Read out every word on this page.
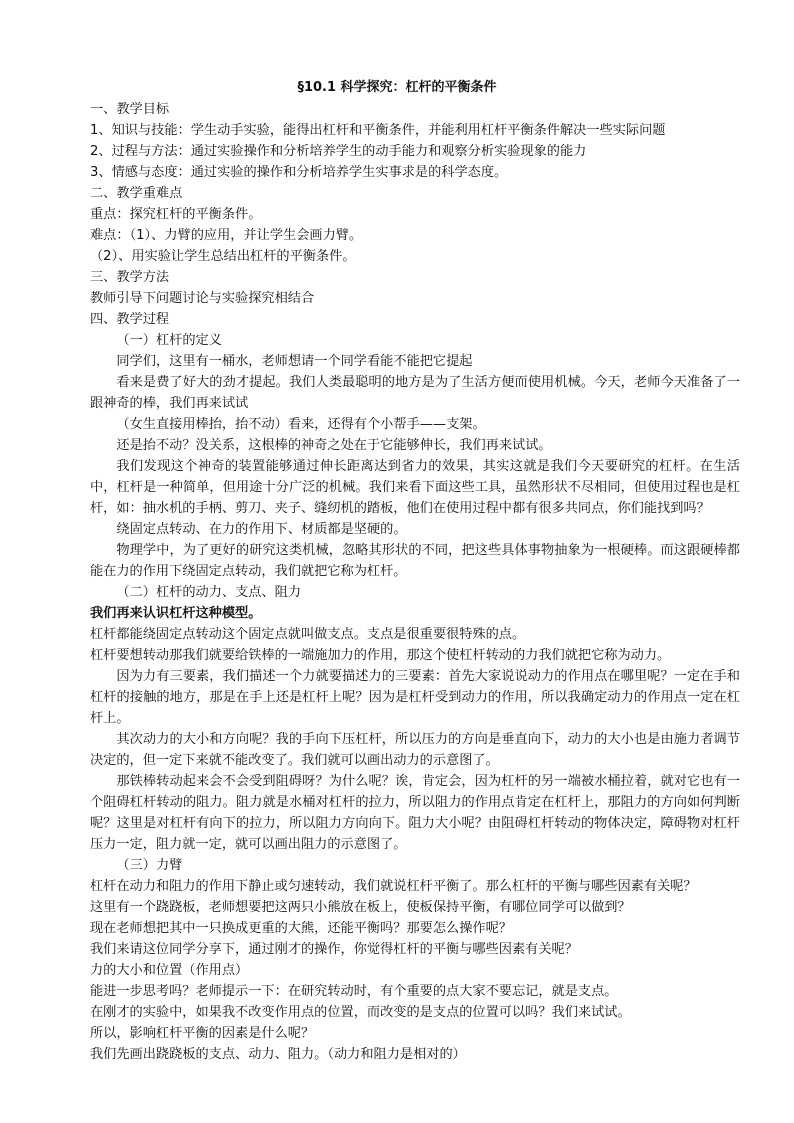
§10.1 科学探究：杠杆的平衡条件

一、教学目标

1、知识与技能：学生动手实验，能得出杠杆和平衡条件，并能利用杠杆平衡条件解决一些实际问题

2、过程与方法：通过实验操作和分析培养学生的动手能力和观察分析实验现象的能力

3、情感与态度：通过实验的操作和分析培养学生实事求是的科学态度。

二、教学重难点

重点：探究杠杆的平衡条件。

难点：（1）、力臂的应用，并让学生会画力臂。

（2）、用实验让学生总结出杠杆的平衡条件。

三、教学方法

教师引导下问题讨论与实验探究相结合

四、教学过程

（一）杠杆的定义

同学们，这里有一桶水，老师想请一个同学看能不能把它提起

看来是费了好大的劲才提起。我们人类最聪明的地方是为了生活方便而使用机械。今天，老师今天准备了一跟神奇的棒，我们再来试试

（女生直接用棒抬，抬不动）看来，还得有个小帮手——支架。

还是抬不动？没关系，这根棒的神奇之处在于它能够伸长，我们再来试试。

我们发现这个神奇的装置能够通过伸长距离达到省力的效果，其实这就是我们今天要研究的杠杆。在生活中，杠杆是一种简单，但用途十分广泛的机械。我们来看下面这些工具，虽然形状不尽相同，但使用过程也是杠杆，如：抽水机的手柄、剪刀、夹子、缝纫机的踏板，他们在使用过程中都有很多共同点，你们能找到吗？

绕固定点转动、在力的作用下、材质都是坚硬的。

物理学中，为了更好的研究这类机械，忽略其形状的不同，把这些具体事物抽象为一根硬棒。而这跟硬棒都能在力的作用下绕固定点转动，我们就把它称为杠杆。

（二）杠杆的动力、支点、阻力

我们再来认识杠杆这种模型。

杠杆都能绕固定点转动这个固定点就叫做支点。支点是很重要很特殊的点。

杠杆要想转动那我们就要给铁棒的一端施加力的作用，那这个使杠杆转动的力我们就把它称为动力。

因为力有三要素，我们描述一个力就要描述力的三要素：首先大家说说动力的作用点在哪里呢？一定在手和杠杆的接触的地方，那是在手上还是杠杆上呢？因为是杠杆受到动力的作用，所以我确定动力的作用点一定在杠杆上。

其次动力的大小和方向呢？我的手向下压杠杆，所以压力的方向是垂直向下，动力的大小也是由施力者调节决定的，但一定下来就不能改变了。我们就可以画出动力的示意图了。

那铁棒转动起来会不会受到阻碍呀？为什么呢？诶，肯定会，因为杠杆的另一端被水桶拉着，就对它也有一个阻碍杠杆转动的阻力。阻力就是水桶对杠杆的拉力，所以阻力的作用点肯定在杠杆上，那阻力的方向如何判断呢？这里是对杠杆有向下的拉力，所以阻力方向向下。阻力大小呢？由阻碍杠杆转动的物体决定，障碍物对杠杆压力一定，阻力就一定，就可以画出阻力的示意图了。

（三）力臂

杠杆在动力和阻力的作用下静止或匀速转动，我们就说杠杆平衡了。那么杠杆的平衡与哪些因素有关呢？

这里有一个跷跷板，老师想要把这两只小熊放在板上，使板保持平衡，有哪位同学可以做到？

现在老师想把其中一只换成更重的大熊，还能平衡吗？那要怎么操作呢？

我们来请这位同学分享下，通过刚才的操作，你觉得杠杆的平衡与哪些因素有关呢？

力的大小和位置（作用点）

能进一步思考吗？老师提示一下：在研究转动时，有个重要的点大家不要忘记，就是支点。

在刚才的实验中，如果我不改变作用点的位置，而改变的是支点的位置可以吗？我们来试试。

所以，影响杠杆平衡的因素是什么呢？

我们先画出跷跷板的支点、动力、阻力。（动力和阻力是相对的）
